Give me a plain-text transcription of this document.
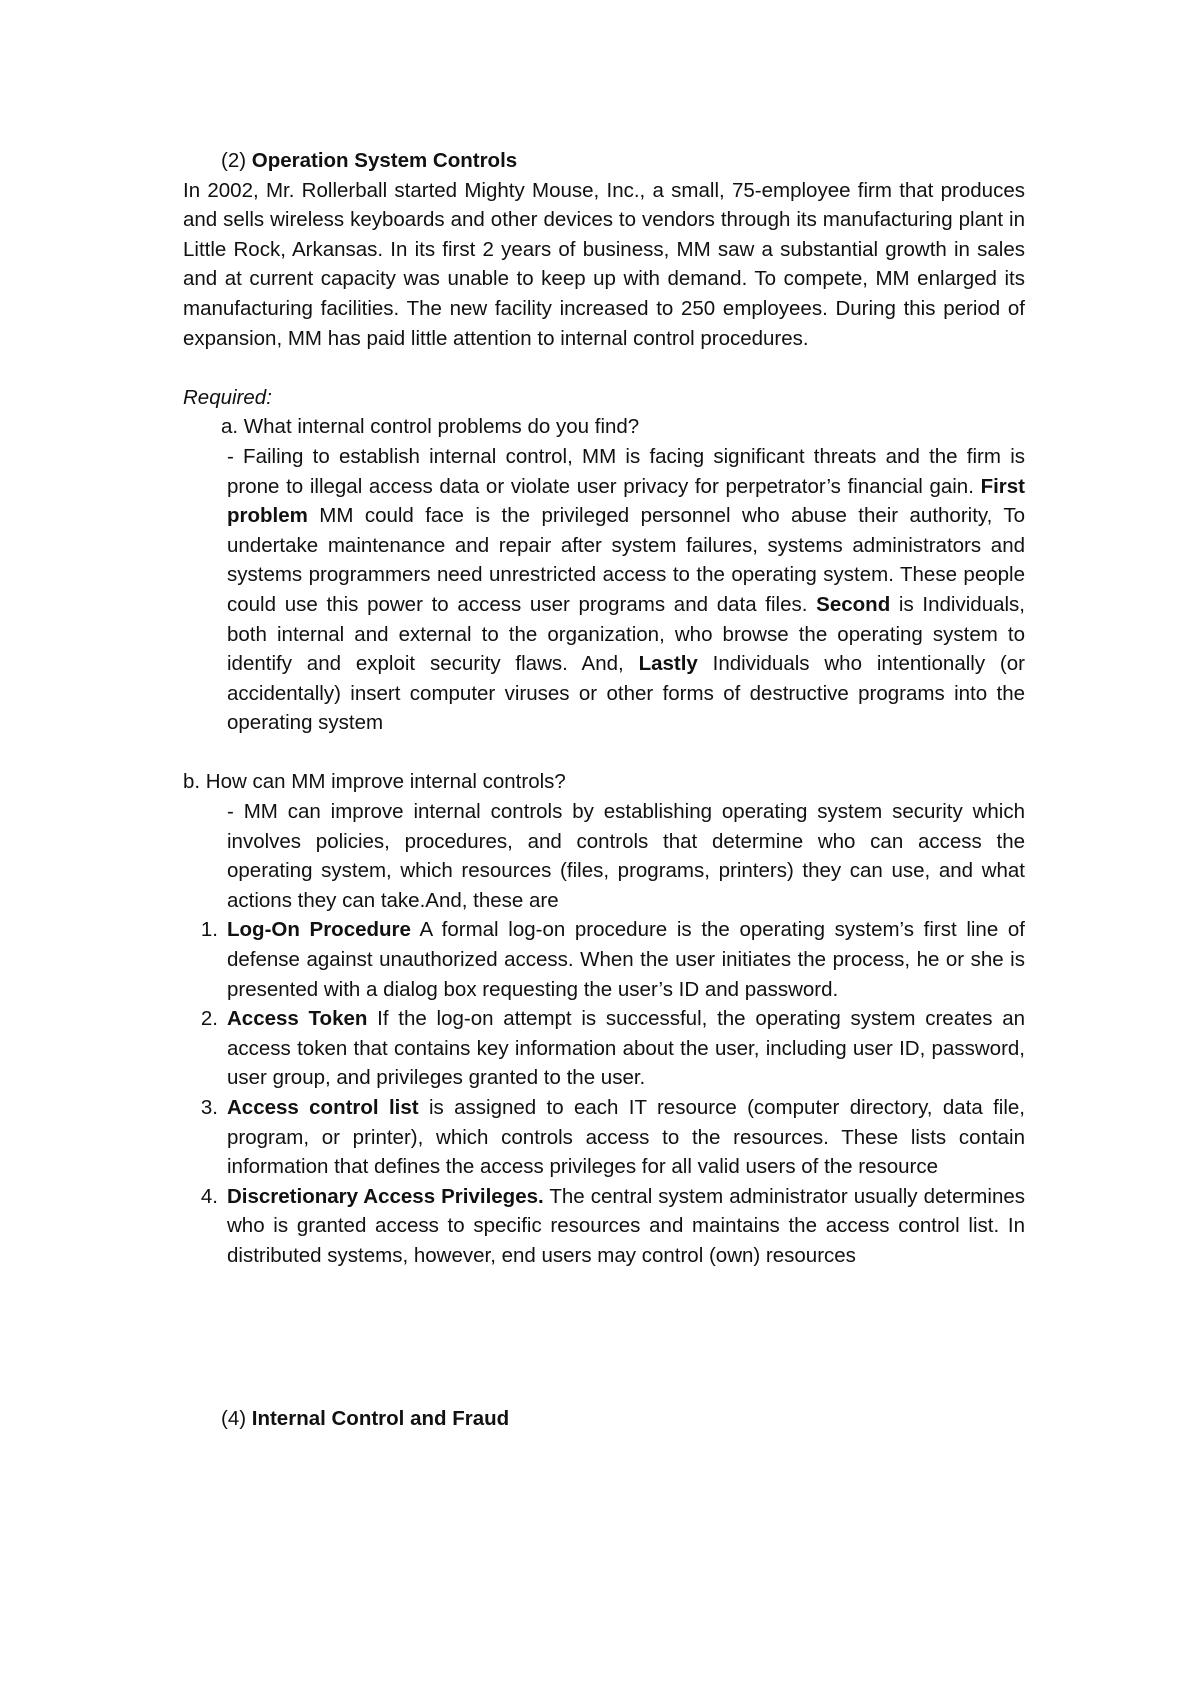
(2) Operation System Controls

In 2002, Mr. Rollerball started Mighty Mouse, Inc., a small, 75-employee firm that produces and sells wireless keyboards and other devices to vendors through its manufacturing plant in Little Rock, Arkansas. In its first 2 years of business, MM saw a substantial growth in sales and at current capacity was unable to keep up with demand. To compete, MM enlarged its manufacturing facilities. The new facility increased to 250 employees. During this period of expansion, MM has paid little attention to internal control procedures.

Required:

a. What internal control problems do you find?

- Failing to establish internal control, MM is facing significant threats and the firm is prone to illegal access data or violate user privacy for perpetrator’s financial gain. First problem MM could face is the privileged personnel who abuse their authority, To undertake maintenance and repair after system failures, systems administrators and systems programmers need unrestricted access to the operating system. These people could use this power to access user programs and data files. Second is Individuals, both internal and external to the organization, who browse the operating system to identify and exploit security flaws. And, Lastly Individuals who intentionally (or accidentally) insert computer viruses or other forms of destructive programs into the operating system

b. How can MM improve internal controls?

- MM can improve internal controls by establishing operating system security which involves policies, procedures, and controls that determine who can access the operating system, which resources (files, programs, printers) they can use, and what actions they can take.And, these are

1. Log-On Procedure A formal log-on procedure is the operating system’s first line of defense against unauthorized access. When the user initiates the process, he or she is presented with a dialog box requesting the user’s ID and password.
2. Access Token If the log-on attempt is successful, the operating system creates an access token that contains key information about the user, including user ID, password, user group, and privileges granted to the user.
3. Access control list is assigned to each IT resource (computer directory, data file, program, or printer), which controls access to the resources. These lists contain information that defines the access privileges for all valid users of the resource
4. Discretionary Access Privileges. The central system administrator usually determines who is granted access to specific resources and maintains the access control list. In distributed systems, however, end users may control (own) resources

(4) Internal Control and Fraud
